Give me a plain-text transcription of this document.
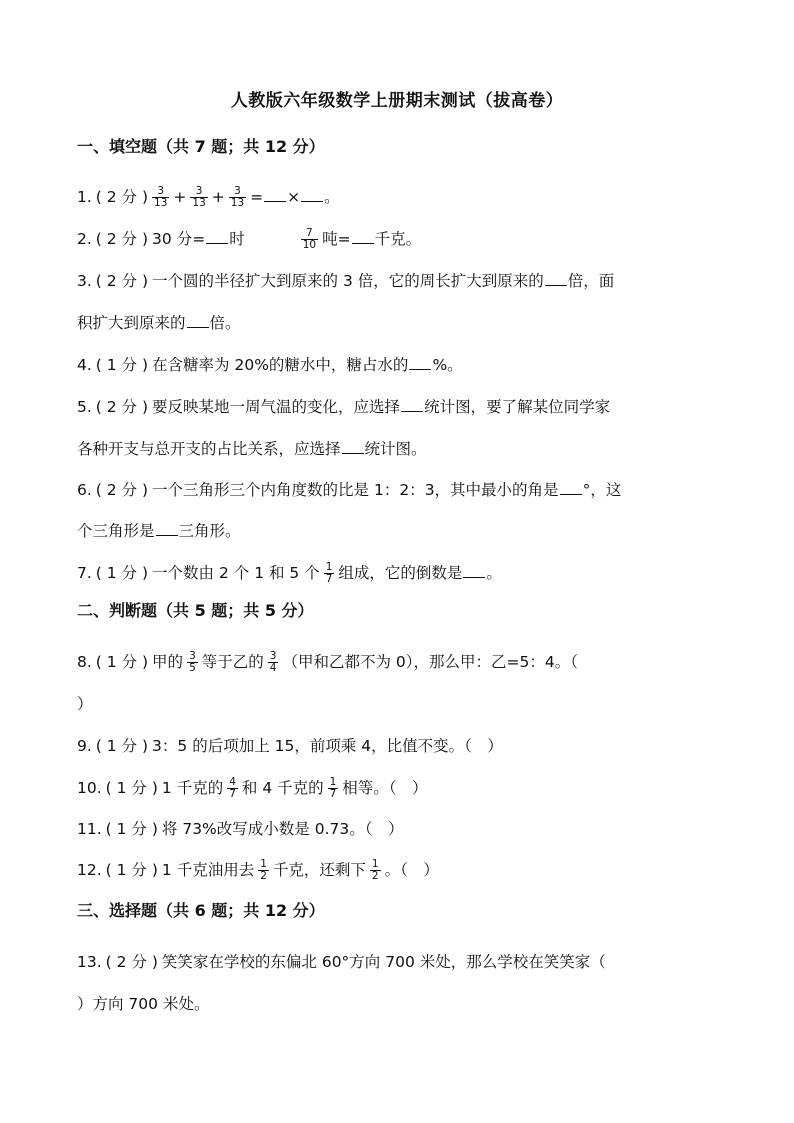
人教版六年级数学上册期末测试（拔高卷）
一、填空题（共 7 题；共 12 分）
1. ( 2 分 ) $\frac{3}{13} + \frac{3}{13} + \frac{3}{13}$ = × 。
2. ( 2 分 ) 30 分= 时	$\frac{7}{10}$ 吨= 千克。
3. ( 2 分 ) 一个圆的半径扩大到原来的 3 倍，它的周长扩大到原来的 倍，面
积扩大到原来的 倍。
4. ( 1 分 ) 在含糖率为 20%的糖水中，糖占水的 %。
5. ( 2 分 ) 要反映某地一周气温的变化，应选择 统计图，要了解某位同学家
各种开支与总开支的占比关系，应选择 统计图。
6. ( 2 分 ) 一个三角形三个内角度数的比是 1：2：3，其中最小的角是 °，这
个三角形是 三角形。
7. ( 1 分 ) 一个数由 2 个 1 和 5 个 $\frac{1}{7}$ 组成，它的倒数是 。
二、判断题（共 5 题；共 5 分）
8. ( 1 分 ) 甲的 $\frac{3}{5}$ 等于乙的 $\frac{3}{4}$ （甲和乙都不为 0），那么甲：乙=5：4。（
）
9. ( 1 分 ) 3：5 的后项加上 15，前项乘 4，比值不变。（　）
10. ( 1 分 ) 1 千克的 $\frac{4}{7}$ 和 4 千克的 $\frac{1}{7}$ 相等。（　）
11. ( 1 分 ) 将 73%改写成小数是 0.73。（　）
12. ( 1 分 ) 1 千克油用去 $\frac{1}{2}$ 千克，还剩下 $\frac{1}{2}$ 。（　）
三、选择题（共 6 题；共 12 分）
13. ( 2 分 ) 笑笑家在学校的东偏北 60°方向 700 米处，那么学校在笑笑家（
）方向 700 米处。
